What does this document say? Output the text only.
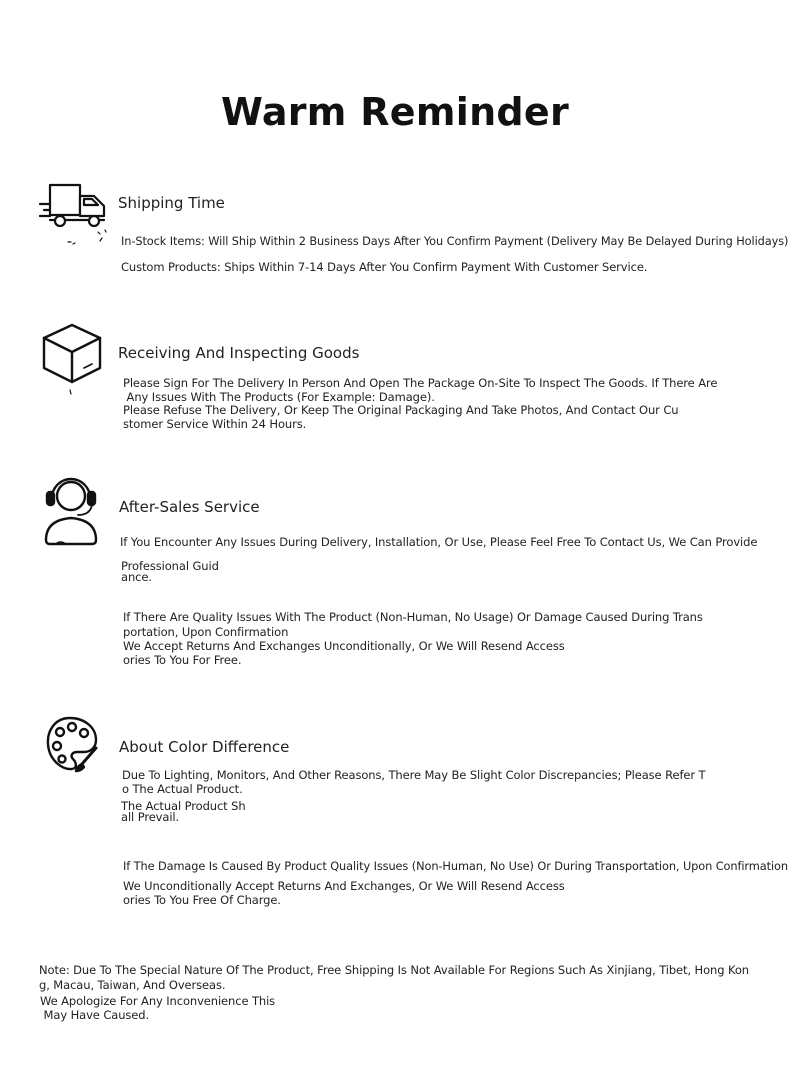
Warm Reminder
Shipping Time
In-Stock Items: Will Ship Within 2 Business Days After You Confirm Payment (Delivery May Be Delayed During Holidays)
Custom Products: Ships Within 7-14 Days After You Confirm Payment With Customer Service.
Receiving And Inspecting Goods
Please Sign For The Delivery In Person And Open The Package On-Site To Inspect The Goods. If There Are
Any Issues With The Products (For Example: Damage).
Please Refuse The Delivery, Or Keep The Original Packaging And Take Photos, And Contact Our Cu
stomer Service Within 24 Hours.
After-Sales Service
If You Encounter Any Issues During Delivery, Installation, Or Use, Please Feel Free To Contact Us, We Can Provide
Professional Guid
ance.
If There Are Quality Issues With The Product (Non-Human, No Usage) Or Damage Caused During Trans
portation, Upon Confirmation
We Accept Returns And Exchanges Unconditionally, Or We Will Resend Access
ories To You For Free.
About Color Difference
Due To Lighting, Monitors, And Other Reasons, There May Be Slight Color Discrepancies; Please Refer T
o The Actual Product.
The Actual Product Sh
all Prevail.
If The Damage Is Caused By Product Quality Issues (Non-Human, No Use) Or During Transportation, Upon Confirmation
We Unconditionally Accept Returns And Exchanges, Or We Will Resend Access
ories To You Free Of Charge.
Note: Due To The Special Nature Of The Product, Free Shipping Is Not Available For Regions Such As Xinjiang, Tibet, Hong Kon
g, Macau, Taiwan, And Overseas.
We Apologize For Any Inconvenience This
May Have Caused.
